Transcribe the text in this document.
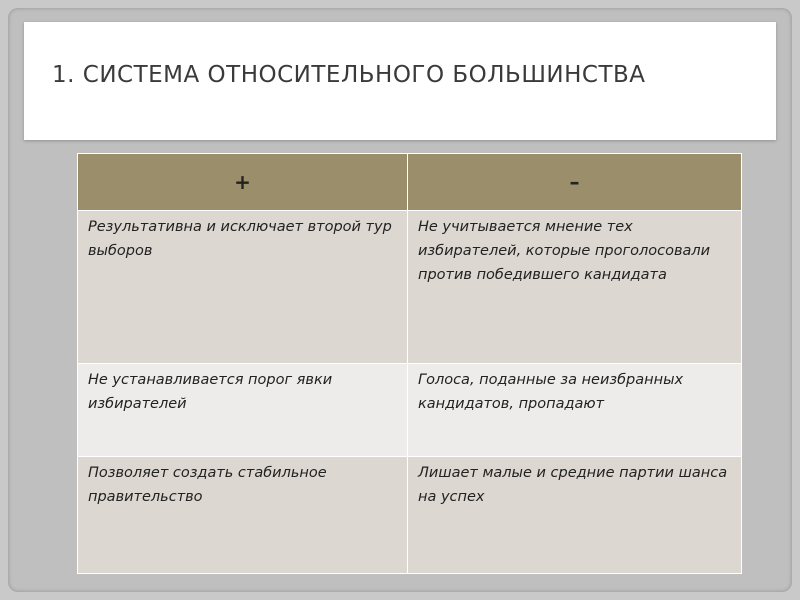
1. СИСТЕМА ОТНОСИТЕЛЬНОГО БОЛЬШИНСТВА
+	–
Результативна и исключает второй тур выборов	Не учитывается мнение тех избирателей, которые проголосовали против победившего кандидата
Не устанавливается порог явки избирателей	Голоса, поданные за неизбранных кандидатов, пропадают
Позволяет создать стабильное правительство	Лишает малые и средние партии шанса на успех
